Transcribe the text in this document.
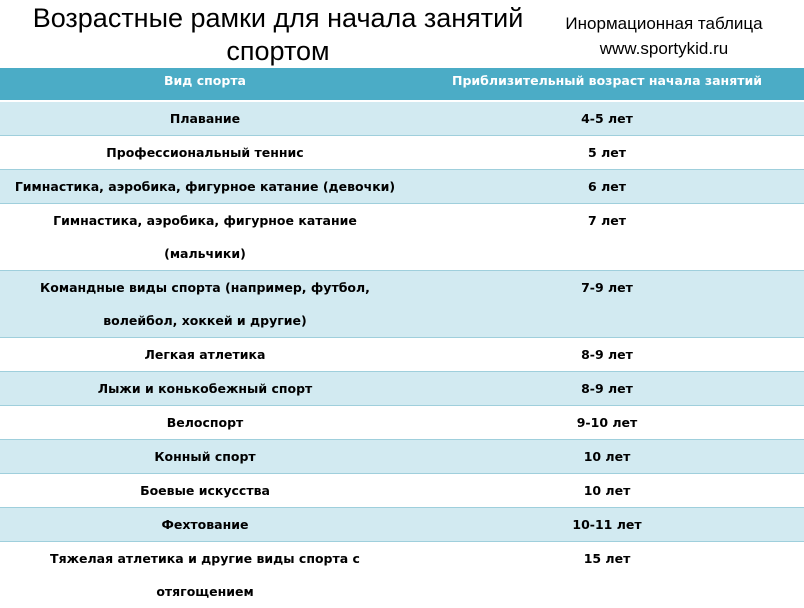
Возрастные рамки для начала занятий спортом
Инормационная таблица
www.sportykid.ru
Вид спорта	Приблизительный возраст начала занятий
Плавание	4-5 лет
Профессиональный теннис	5 лет
Гимнастика, аэробика, фигурное катание (девочки)	6 лет

Гимнастика, аэробика, фигурное катание (мальчики)	7 лет

Командные виды спорта (например, футбол, волейбол, хоккей и другие)	7-9 лет
Легкая атлетика	8-9 лет
Лыжи и конькобежный спорт	8-9 лет
Велоспорт	9-10 лет
Конный спорт	10 лет
Боевые искусства	10 лет
Фехтование	10-11 лет

Тяжелая атлетика и другие виды спорта с отягощением	15 лет
